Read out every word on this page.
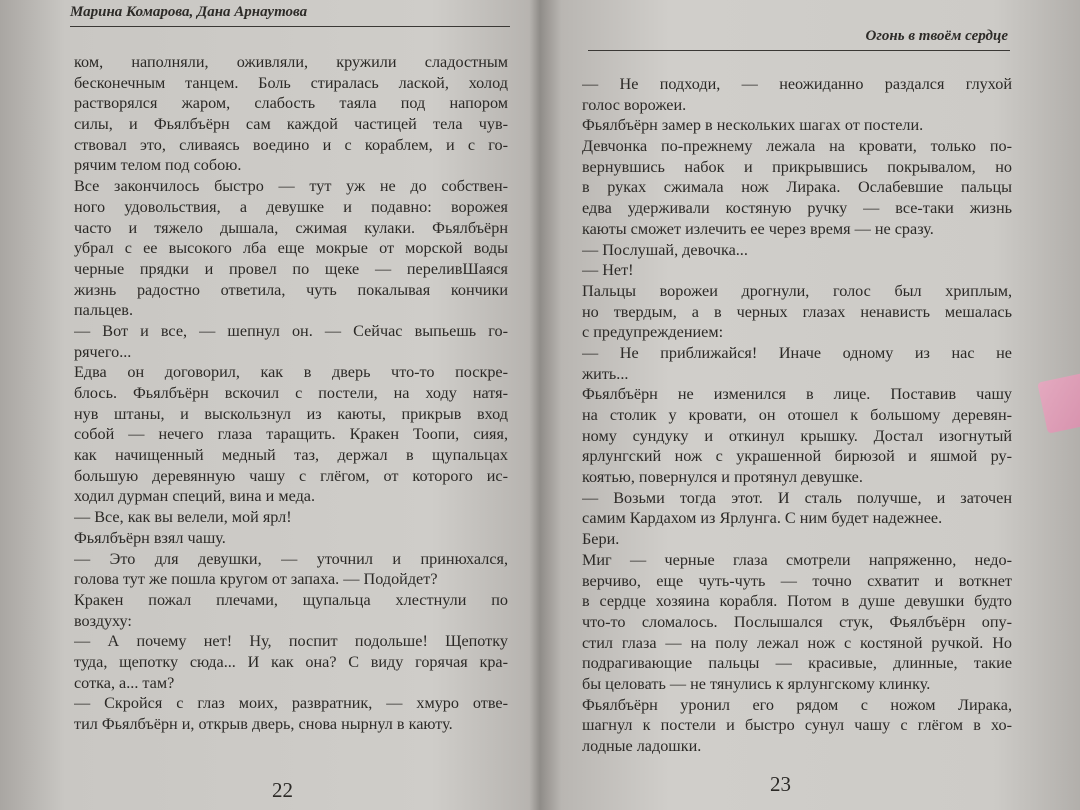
Марина Комарова, Дана Арнаутова
ком, наполняли, оживляли, кружили сладостным
бесконечным танцем. Боль стиралась лаской, холод
растворялся жаром, слабость таяла под напором
силы, и Фьялбъёрн сам каждой частицей тела чув-
ствовал это, сливаясь воедино и с кораблем, и с го-
рячим телом под собою.
Все закончилось быстро — тут уж не до собствен-
ного удовольствия, а девушке и подавно: ворожея
часто и тяжело дышала, сжимая кулаки. Фьялбъёрн
убрал с ее высокого лба еще мокрые от морской воды
черные прядки и провел по щеке — переливШаяся
жизнь радостно ответила, чуть покалывая кончики
пальцев.
— Вот и все, — шепнул он. — Сейчас выпьешь го-
рячего...
Едва он договорил, как в дверь что-то поскре-
блось. Фьялбъёрн вскочил с постели, на ходу натя-
нув штаны, и выскользнул из каюты, прикрыв вход
собой — нечего глаза таращить. Кракен Тоопи, сияя,
как начищенный медный таз, держал в щупальцах
большую деревянную чашу с глёгом, от которого ис-
ходил дурман специй, вина и меда.
— Все, как вы велели, мой ярл!
Фьялбъёрн взял чашу.
— Это для девушки, — уточнил и принюхался,
голова тут же пошла кругом от запаха. — Подойдет?
Кракен пожал плечами, щупальца хлестнули по
воздуху:
— А почему нет! Ну, поспит подольше! Щепотку
туда, щепотку сюда... И как она? С виду горячая кра-
сотка, а... там?
— Скройся с глаз моих, развратник, — хмуро отве-
тил Фьялбъёрн и, открыв дверь, снова нырнул в каюту.
22
Огонь в твоём сердце
— Не подходи, — неожиданно раздался глухой
голос ворожеи.
Фьялбъёрн замер в нескольких шагах от постели.
Девчонка по-прежнему лежала на кровати, только по-
вернувшись набок и прикрывшись покрывалом, но
в руках сжимала нож Лиракa. Ослабевшие пальцы
едва удерживали костяную ручку — все-таки жизнь
каюты сможет излечить ее через время — не сразу.
— Послушай, девочка...
— Нет!
Пальцы ворожеи дрогнули, голос был хриплым,
но твердым, а в черных глазах ненависть мешалась
с предупреждением:
— Не приближайся! Иначе одному из нас не
жить...
Фьялбъёрн не изменился в лице. Поставив чашу
на столик у кровати, он отошел к большому деревян-
ному сундуку и откинул крышку. Достал изогнутый
ярлунгский нож с украшенной бирюзой и яшмой ру-
коятью, повернулся и протянул девушке.
— Возьми тогда этот. И сталь получше, и заточен
самим Кардахом из Ярлунга. С ним будет надежнее.
Бери.
Миг — черные глаза смотрели напряженно, недо-
верчиво, еще чуть-чуть — точно схватит и воткнет
в сердце хозяина корабля. Потом в душе девушки будто
что-то сломалось. Послышался стук, Фьялбъёрн опу-
стил глаза — на полу лежал нож с костяной ручкой. Но
подрагивающие пальцы — красивые, длинные, такие
бы целовать — не тянулись к ярлунгскому клинку.
Фьялбъёрн уронил его рядом с ножом Лиракa,
шагнул к постели и быстро сунул чашу с глёгом в хо-
лодные ладошки.
23
